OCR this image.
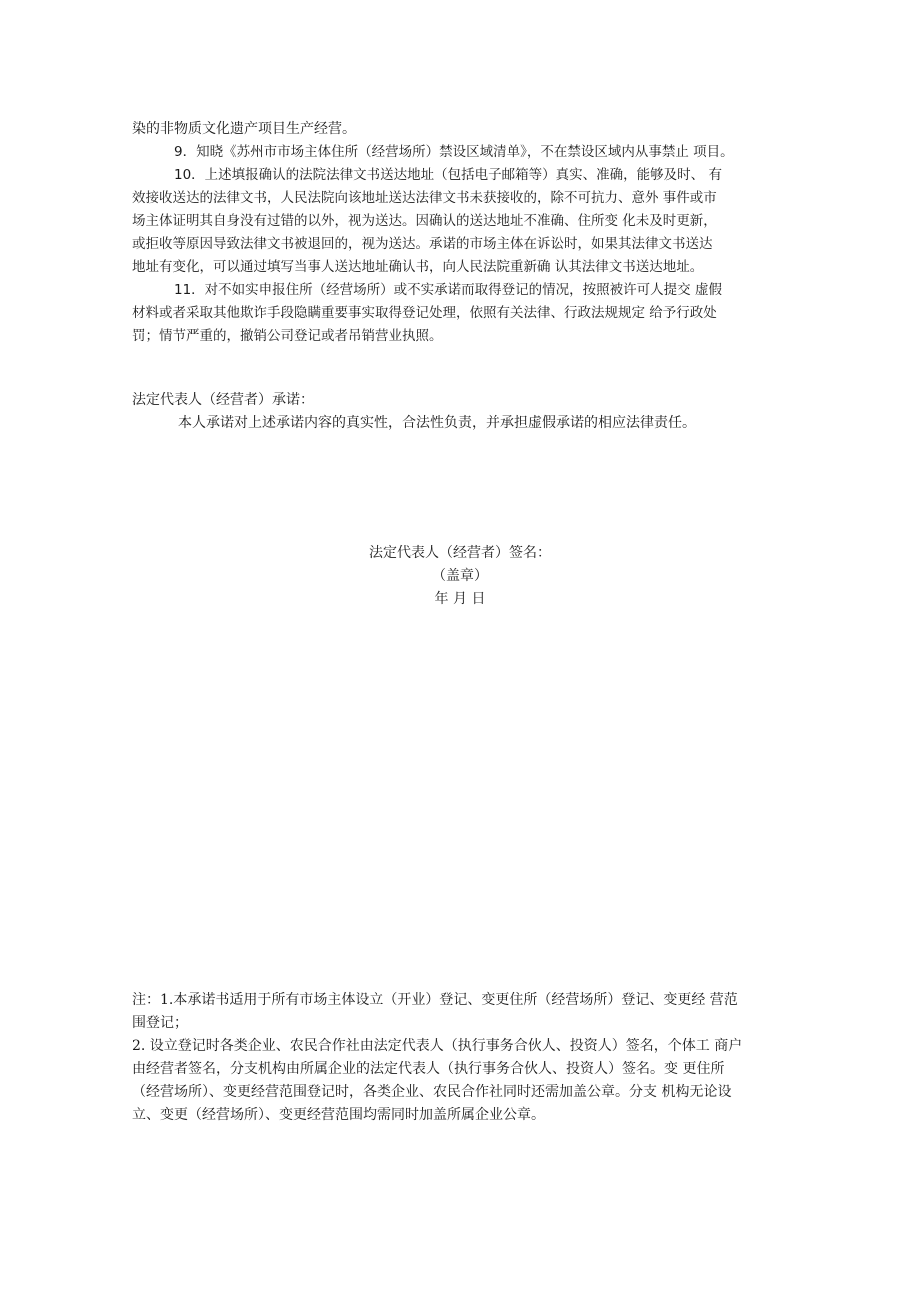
染的非物质文化遗产项目生产经营。
9．知晓《苏州市市场主体住所（经营场所）禁设区域清单》，不在禁设区域内从事禁止 项目。
10．上述填报确认的法院法律文书送达地址（包括电子邮箱等）真实、准确，能够及时、 有
效接收送达的法律文书，人民法院向该地址送达法律文书未获接收的，除不可抗力、意外 事件或市
场主体证明其自身没有过错的以外，视为送达。因确认的送达地址不准确、住所变 化未及时更新，
或拒收等原因导致法律文书被退回的，视为送达。承诺的市场主体在诉讼时，如果其法律文书送达
地址有变化，可以通过填写当事人送达地址确认书，向人民法院重新确 认其法律文书送达地址。
11．对不如实申报住所（经营场所）或不实承诺而取得登记的情况，按照被许可人提交 虚假
材料或者采取其他欺诈手段隐瞒重要事实取得登记处理，依照有关法律、行政法规规定 给予行政处
罚；情节严重的，撤销公司登记或者吊销营业执照。
法定代表人（经营者）承诺：
本人承诺对上述承诺内容的真实性，合法性负责，并承担虚假承诺的相应法律责任。
法定代表人（经营者）签名：
（盖章）
年 月 日
注：1.本承诺书适用于所有市场主体设立（开业）登记、变更住所（经营场所）登记、变更经 营范
围登记；
2. 设立登记时各类企业、农民合作社由法定代表人（执行事务合伙人、投资人）签名，个体工 商户
由经营者签名，分支机构由所属企业的法定代表人（执行事务合伙人、投资人）签名。变 更住所
（经营场所）、变更经营范围登记时，各类企业、农民合作社同时还需加盖公章。分支 机构无论设
立、变更（经营场所）、变更经营范围均需同时加盖所属企业公章。
